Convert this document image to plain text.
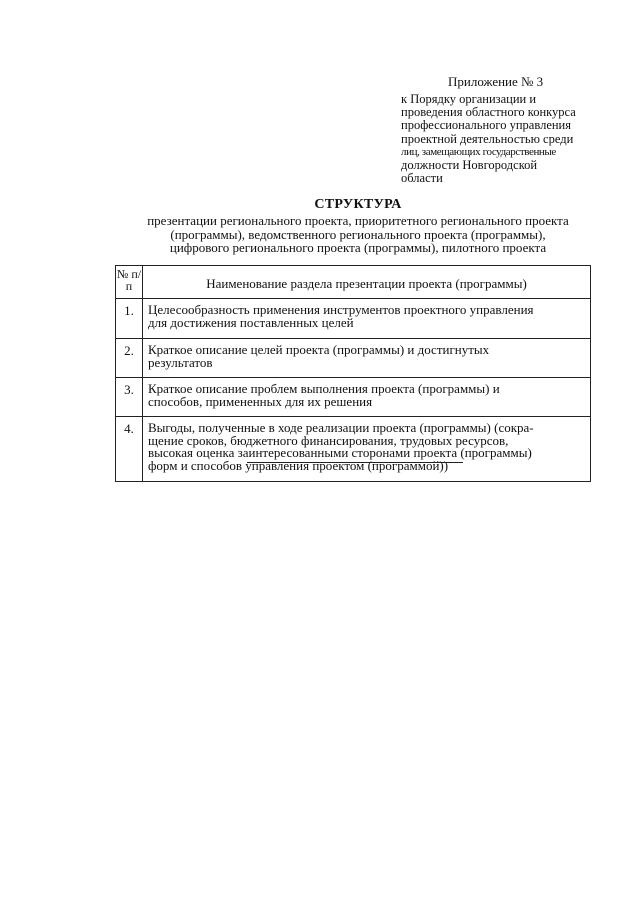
Приложение № 3
к Порядку организации и
проведения областного конкурса
профессионального управления
проектной деятельностью среди
лиц, замещающих государственные
должности Новгородской
области
СТРУКТУРА
презентации регионального проекта, приоритетного регионального проекта
(программы), ведомственного регионального проекта (программы),
цифрового регионального проекта (программы), пилотного проекта
№ п/п	Наименование раздела презентации проекта (программы)
1.	Целесообразность применения инструментов проектного управления
для достижения поставленных целей

2.	Краткое описание целей проекта (программы) и достигнутых
результатов

3.	Краткое описание проблем выполнения проекта (программы) и
способов, примененных для их решения

4.	Выгоды, полученные в ходе реализации проекта (программы) (сокра-
щение сроков, бюджетного финансирования, трудовых ресурсов,
высокая оценка заинтересованными сторонами проекта (программы)
форм и способов управления проектом (программой))
